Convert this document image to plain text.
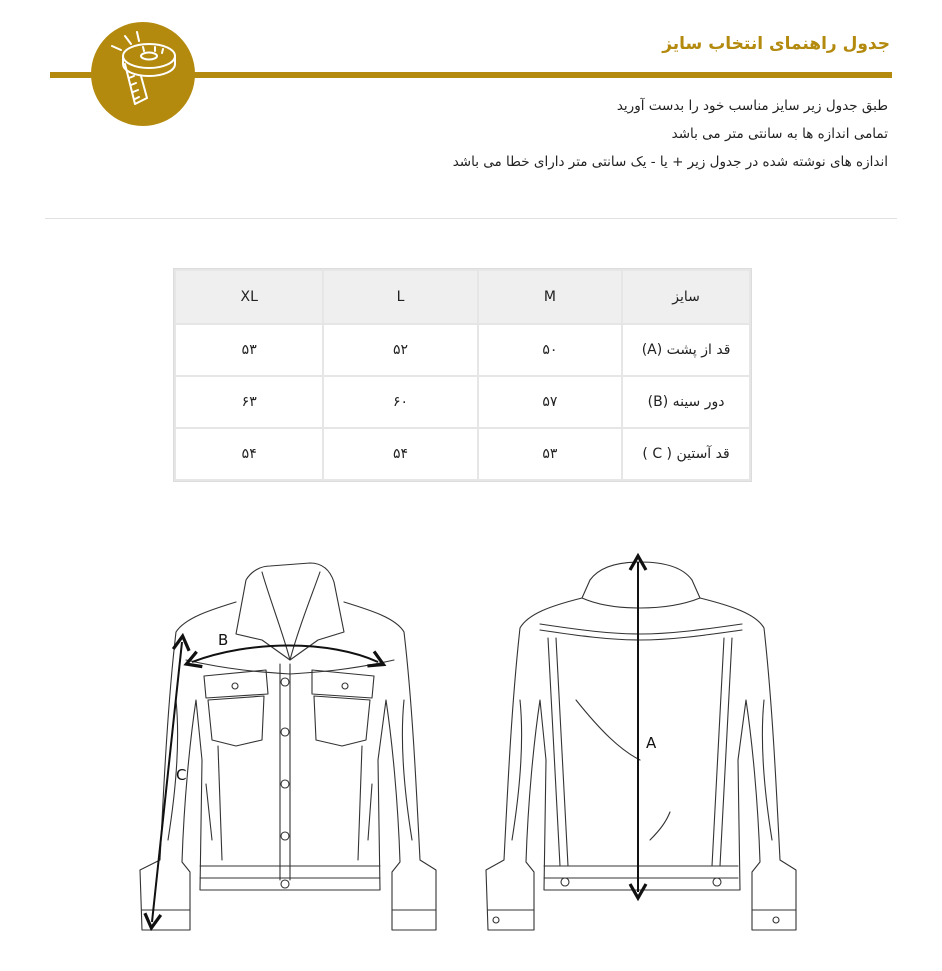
جدول راهنمای انتخاب سایز
طبق جدول زیر سایز مناسب خود را بدست آورید
تمامی اندازه ها به سانتی متر می باشد
اندازه های نوشته شده در جدول زیر + یا - یک سانتی متر دارای خطا می باشد
XL	L	M	سایز
۵۳	۵۲	۵۰	قد از پشت (A)
۶۳	۶۰	۵۷	دور سینه (B)
۵۴	۵۴	۵۳	قد آستین ( C )
B
C
A
